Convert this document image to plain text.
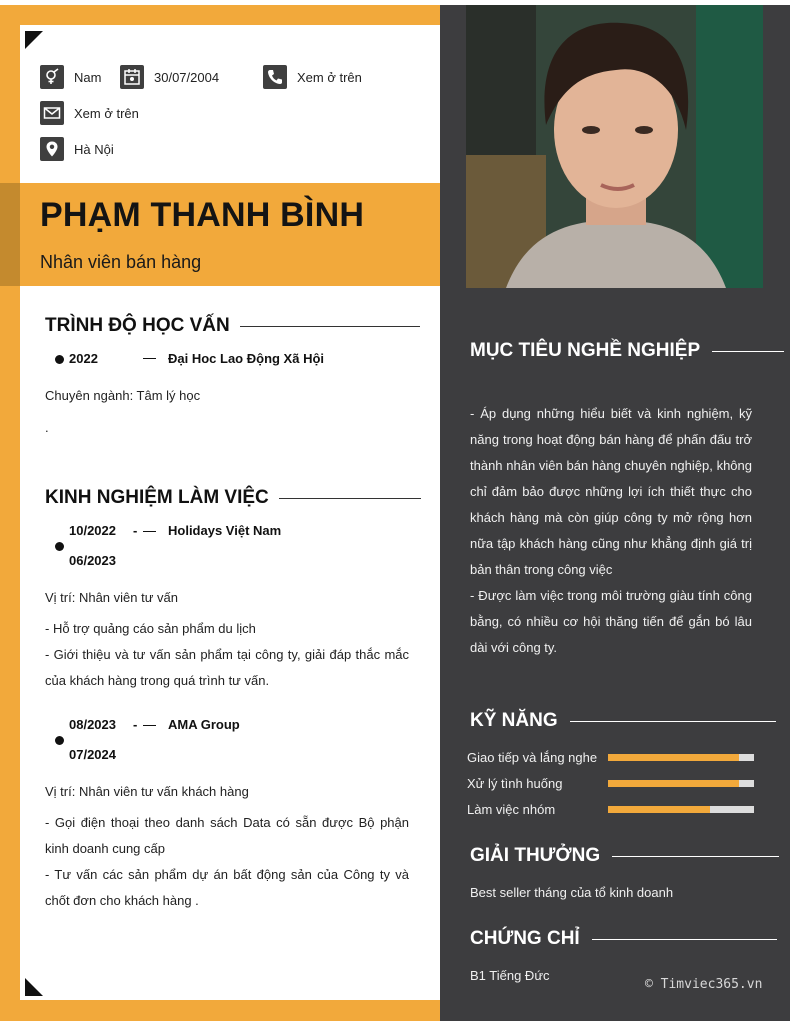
Nam	30/07/2004	Xem ở trên
Xem ở trên
Hà Nội
PHẠM THANH BÌNH
Nhân viên bán hàng
TRÌNH ĐỘ HỌC VẤN
2022	Đại Hoc Lao Động Xã Hội
Chuyên ngành: Tâm lý học
.
KINH NGHIỆM LÀM VIỆC
10/2022 - Holidays Việt Nam
06/2023
Vị trí: Nhân viên tư vấn
- Hỗ trợ quảng cáo sản phẩm du lịch
- Giới thiệu và tư vấn sản phẩm tại công ty, giải đáp thắc mắc của khách hàng trong quá trình tư vấn.
08/2023 - AMA Group
07/2024
Vị trí: Nhân viên tư vấn khách hàng
- Gọi điện thoại theo danh sách Data có sẵn được Bộ phận kinh doanh cung cấp
- Tư vấn các sản phẩm dự án bất động sản của Công ty và chốt đơn cho khách hàng .
MỤC TIÊU NGHỀ NGHIỆP
- Áp dụng những hiểu biết và kinh nghiệm, kỹ năng trong hoạt động bán hàng để phấn đấu trở thành nhân viên bán hàng chuyên nghiệp, không chỉ đảm bảo được những lợi ích thiết thực cho khách hàng mà còn giúp công ty mở rộng hơn nữa tập khách hàng cũng như khẳng định giá trị bản thân trong công việc
- Được làm việc trong môi trường giàu tính công bằng, có nhiều cơ hội thăng tiến để gắn bó lâu dài với công ty.
KỸ NĂNG
Giao tiếp và lắng nghe
Xử lý tình huống
Làm việc nhóm
GIẢI THƯỞNG
Best seller tháng của tổ kinh doanh
CHỨNG CHỈ
B1 Tiếng Đức
© Timviec365.vn
